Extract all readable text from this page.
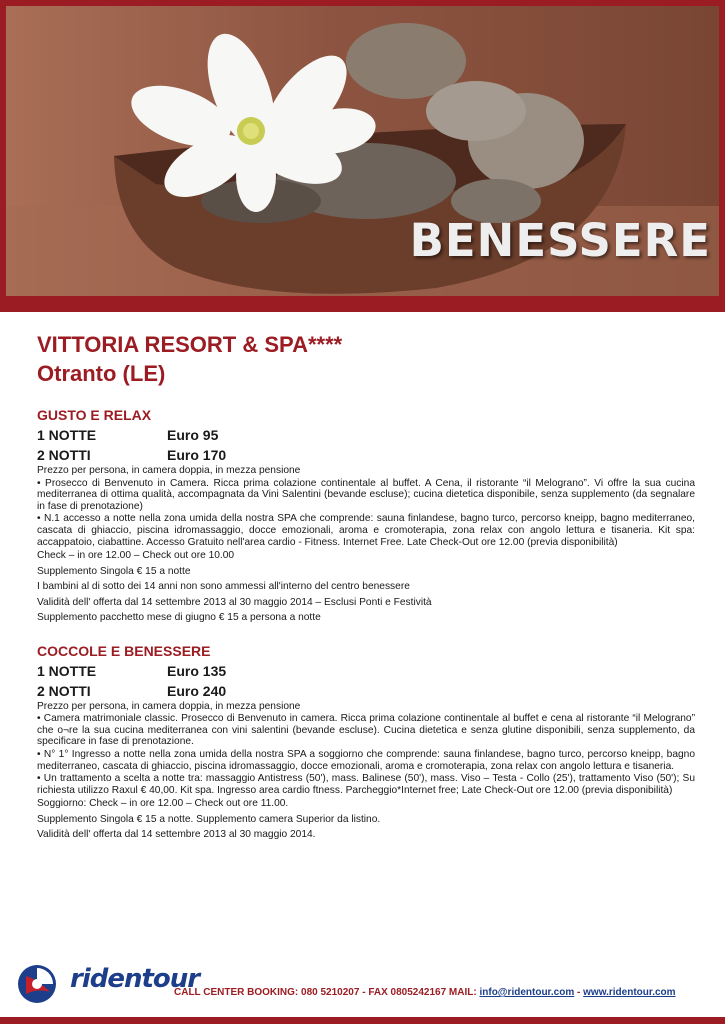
BENESSERE
VITTORIA RESORT & SPA****
Otranto (LE)
GUSTO E RELAX
1 NOTTE	Euro 95
2 NOTTI	Euro 170

Prezzo per persona, in camera doppia, in mezza pensione

• Prosecco di Benvenuto in Camera. Ricca prima colazione continentale al buffet. A Cena, il ristorante “il Melograno”. Vi offre la sua cucina mediterranea di ottima qualità, accompagnata da Vini Salentini (bevande escluse); cucina dietetica disponibile, senza supplemento (da segnalare in fase di prenotazione)

• N.1 accesso a notte nella zona umida della nostra SPA che comprende: sauna finlandese, bagno turco, percorso kneipp, bagno mediterraneo, cascata di ghiaccio, piscina idromassaggio, docce emozionali, aroma e cromoterapia, zona relax con angolo lettura e tisaneria. Kit spa: accappatoio, ciabattine. Accesso Gratuito nell'area cardio - Fitness. Internet Free. Late Check-Out ore 12.00 (previa disponibilità)

Check – in ore 12.00 – Check out ore 10.00

Supplemento Singola € 15 a notte

I bambini al di sotto dei 14 anni non sono ammessi all'interno del centro benessere

Validità dell' offerta dal 14 settembre 2013 al 30 maggio 2014 – Esclusi Ponti e Festività

Supplemento pacchetto mese di giugno € 15 a persona a notte

COCCOLE E BENESSERE
1 NOTTE	Euro 135
2 NOTTI	Euro 240

Prezzo per persona, in camera doppia, in mezza pensione

• Camera matrimoniale classic. Prosecco di Benvenuto in camera. Ricca prima colazione continentale al buffet e cena al ristorante “il Melograno” che o¬re la sua cucina mediterranea con vini salentini (bevande escluse). Cucina dietetica e senza glutine disponibili, senza supplemento, da specificare in fase di prenotazione.

• N° 1° Ingresso a notte nella zona umida della nostra SPA a soggiorno che comprende: sauna finlandese, bagno turco, percorso kneipp, bagno mediterraneo, cascata di ghiaccio, piscina idromassaggio, docce emozionali, aroma e cromoterapia, zona relax con angolo lettura e tisaneria.

• Un trattamento a scelta a notte tra: massaggio Antistress (50'), mass. Balinese (50'), mass. Viso – Testa - Collo (25'), trattamento Viso (50'); Su richiesta utilizzo Raxul € 40,00. Kit spa. Ingresso area cardio ftness. Parcheggio*Internet free; Late Check-Out ore 12.00 (previa disponibilità)

Soggiorno: Check – in ore 12.00 – Check out ore 11.00.

Supplemento Singola € 15 a notte. Supplemento camera Superior da listino.

Validità dell' offerta dal 14 settembre 2013 al 30 maggio 2014.

ridentour
CALL CENTER BOOKING: 080 5210207 - FAX 0805242167 MAIL: info@ridentour.com - www.ridentour.com
